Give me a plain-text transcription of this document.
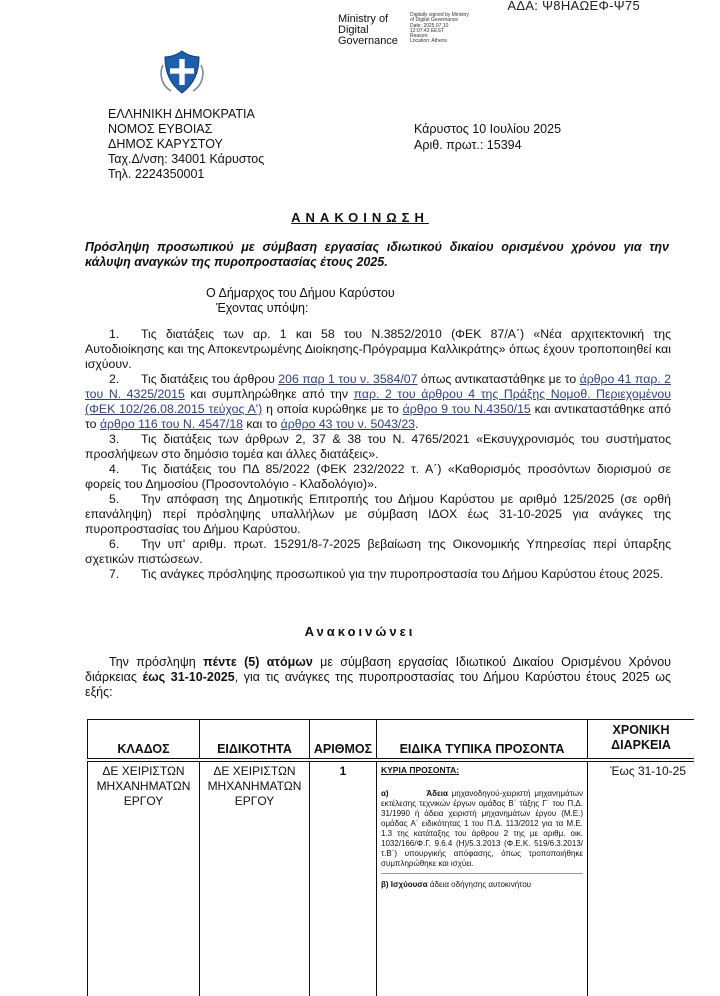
ΑΔΑ: Ψ8ΗΑΩΕΦ-Ψ75
Ministry of
Digital
Governance
Digitally signed by Ministry
of Digital Governance
Date: 2025.07.10
12:07:43 EEST
Reason:
Location: Athens
ΕΛΛΗΝΙΚΗ ΔΗΜΟΚΡΑΤΙΑ
ΝΟΜΟΣ ΕΥΒΟΙΑΣ
ΔΗΜΟΣ ΚΑΡΥΣΤΟΥ
Ταχ.Δ/νση: 34001 Κάρυστος
Τηλ. 2224350001
Κάρυστος 10 Ιουλίου 2025
Αριθ. πρωτ.: 15394
ΑΝΑΚΟΙΝΩΣΗ
Πρόσληψη προσωπικού με σύμβαση εργασίας ιδιωτικού δικαίου ορισμένου χρόνου για την κάλυψη αναγκών της πυροπροστασίας έτους 2025.
Ο Δήμαρχος του Δήμου Καρύστου
Έχοντας υπόψη:

1. Τις διατάξεις των αρ. 1 και 58 του Ν.3852/2010 (ΦΕΚ 87/Α΄) «Νέα αρχιτεκτονική της Αυτοδιοίκησης και της Αποκεντρωμένης Διοίκησης-Πρόγραμμα Καλλικράτης» όπως έχουν τροποποιηθεί και ισχύουν.

2. Τις διατάξεις του άρθρου 206 παρ 1 του ν. 3584/07 όπως αντικαταστάθηκε με το άρθρο 41 παρ. 2 του Ν. 4325/2015 και συμπληρώθηκε από την παρ. 2 του άρθρου 4 της Πράξης Νομοθ. Περιεχομένου (ΦΕΚ 102/26.08.2015 τεύχος Α') η οποία κυρώθηκε με το άρθρο 9 του Ν.4350/15 και αντικαταστάθηκε από το άρθρο 116 του Ν. 4547/18 και το άρθρο 43 του ν. 5043/23.

3. Τις διατάξεις των άρθρων 2, 37 & 38 του Ν. 4765/2021 «Εκσυγχρονισμός του συστήματος προσλήψεων στο δημόσιο τομέα και άλλες διατάξεις».

4. Τις διατάξεις του ΠΔ 85/2022 (ΦΕΚ 232/2022 τ. Α΄) «Καθορισμός προσόντων διορισμού σε φορείς του Δημοσίου (Προσοντολόγιο - Κλαδολόγιο)».

5. Την απόφαση της Δημοτικής Επιτροπής του Δήμου Καρύστου με αριθμό 125/2025 (σε ορθή επανάληψη) περί πρόσληψης υπαλλήλων με σύμβαση ΙΔΟΧ έως 31-10-2025 για ανάγκες της πυροπροστασίας του Δήμου Καρύστου.

6. Την υπ' αριθμ. πρωτ. 15291/8-7-2025 βεβαίωση της Οικονομικής Υπηρεσίας περί ύπαρξης σχετικών πιστώσεων.

7. Τις ανάγκες πρόσληψης προσωπικού για την πυροπροστασία του Δήμου Καρύστου έτους 2025.

Ανακοινώνει
Την πρόσληψη πέντε (5) ατόμων με σύμβαση εργασίας Ιδιωτικού Δικαίου Ορισμένου Χρόνου διάρκειας έως 31-10-2025, για τις ανάγκες της πυροπροστασίας του Δήμου Καρύστου έτους 2025 ως εξής:
ΚΛΑΔΟΣ	ΕΙΔΙΚΟΤΗΤΑ	ΑΡΙΘΜΟΣ	ΕΙΔΙΚΑ ΤΥΠΙΚΑ ΠΡΟΣΟΝΤΑ	ΧΡΟΝΙΚΗ ΔΙΑΡΚΕΙΑ
ΔΕ ΧΕΙΡΙΣΤΩΝ ΜΗΧΑΝΗΜΑΤΩΝ ΕΡΓΟΥ	ΔΕ ΧΕΙΡΙΣΤΩΝ ΜΗΧΑΝΗΜΑΤΩΝ ΕΡΓΟΥ	1	ΚΥΡΙΑ ΠΡΟΣΟΝΤΑ:

α) Άδεια μηχανοδηγού-χειριστή μηχανημάτων εκτέλεσης τεχνικών έργων ομάδας Β΄ τάξης Γ΄ του Π.Δ. 31/1990 ή άδεια χειριστή μηχανημάτων έργου (Μ.Ε.) ομάδας Α΄ ειδικότητας 1 του Π.Δ. 113/2012 για τα Μ.Ε. 1.3 της κατάταξης του άρθρου 2 της με αριθμ. οικ. 1032/166/Φ.Γ. 9.6.4 (Η)/5.3.2013 (Φ.Ε.Κ. 519/6.3.2013/τ.Β΄) υπουργικής απόφασης, όπως τροποποιήθηκε συμπληρώθηκε και ισχύει.

β) Ισχύουσα άδεια οδήγησης αυτοκινήτου	Έως 31-10-25
